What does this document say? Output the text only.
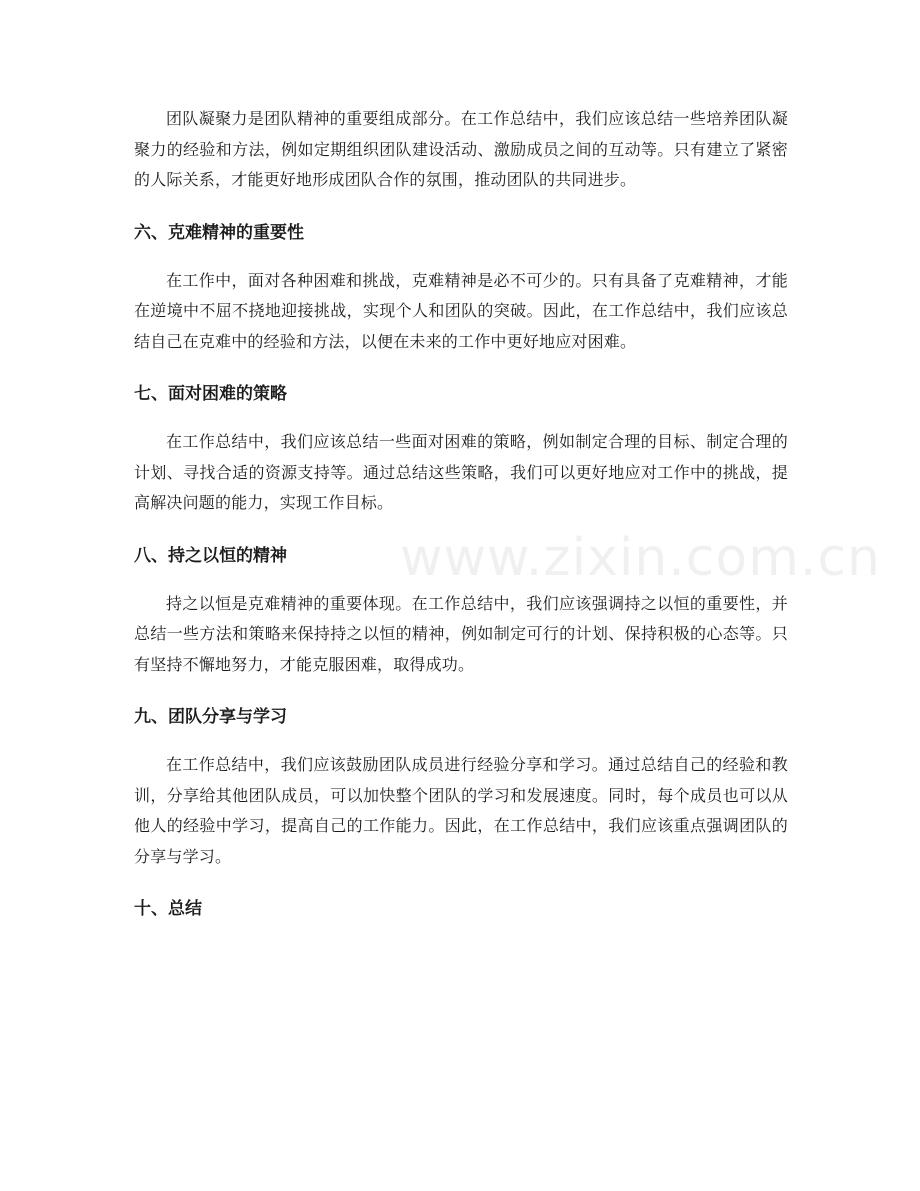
www.zixin.com.cn

团队凝聚力是团队精神的重要组成部分。在工作总结中，我们应该总结一些培养团队凝聚力的经验和方法，例如定期组织团队建设活动、激励成员之间的互动等。只有建立了紧密的人际关系，才能更好地形成团队合作的氛围，推动团队的共同进步。

六、克难精神的重要性

在工作中，面对各种困难和挑战，克难精神是必不可少的。只有具备了克难精神，才能在逆境中不屈不挠地迎接挑战，实现个人和团队的突破。因此，在工作总结中，我们应该总结自己在克难中的经验和方法，以便在未来的工作中更好地应对困难。

七、面对困难的策略

在工作总结中，我们应该总结一些面对困难的策略，例如制定合理的目标、制定合理的计划、寻找合适的资源支持等。通过总结这些策略，我们可以更好地应对工作中的挑战，提高解决问题的能力，实现工作目标。

八、持之以恒的精神

持之以恒是克难精神的重要体现。在工作总结中，我们应该强调持之以恒的重要性，并总结一些方法和策略来保持持之以恒的精神，例如制定可行的计划、保持积极的心态等。只有坚持不懈地努力，才能克服困难，取得成功。

九、团队分享与学习

在工作总结中，我们应该鼓励团队成员进行经验分享和学习。通过总结自己的经验和教训，分享给其他团队成员，可以加快整个团队的学习和发展速度。同时，每个成员也可以从他人的经验中学习，提高自己的工作能力。因此，在工作总结中，我们应该重点强调团队的分享与学习。

十、总结
